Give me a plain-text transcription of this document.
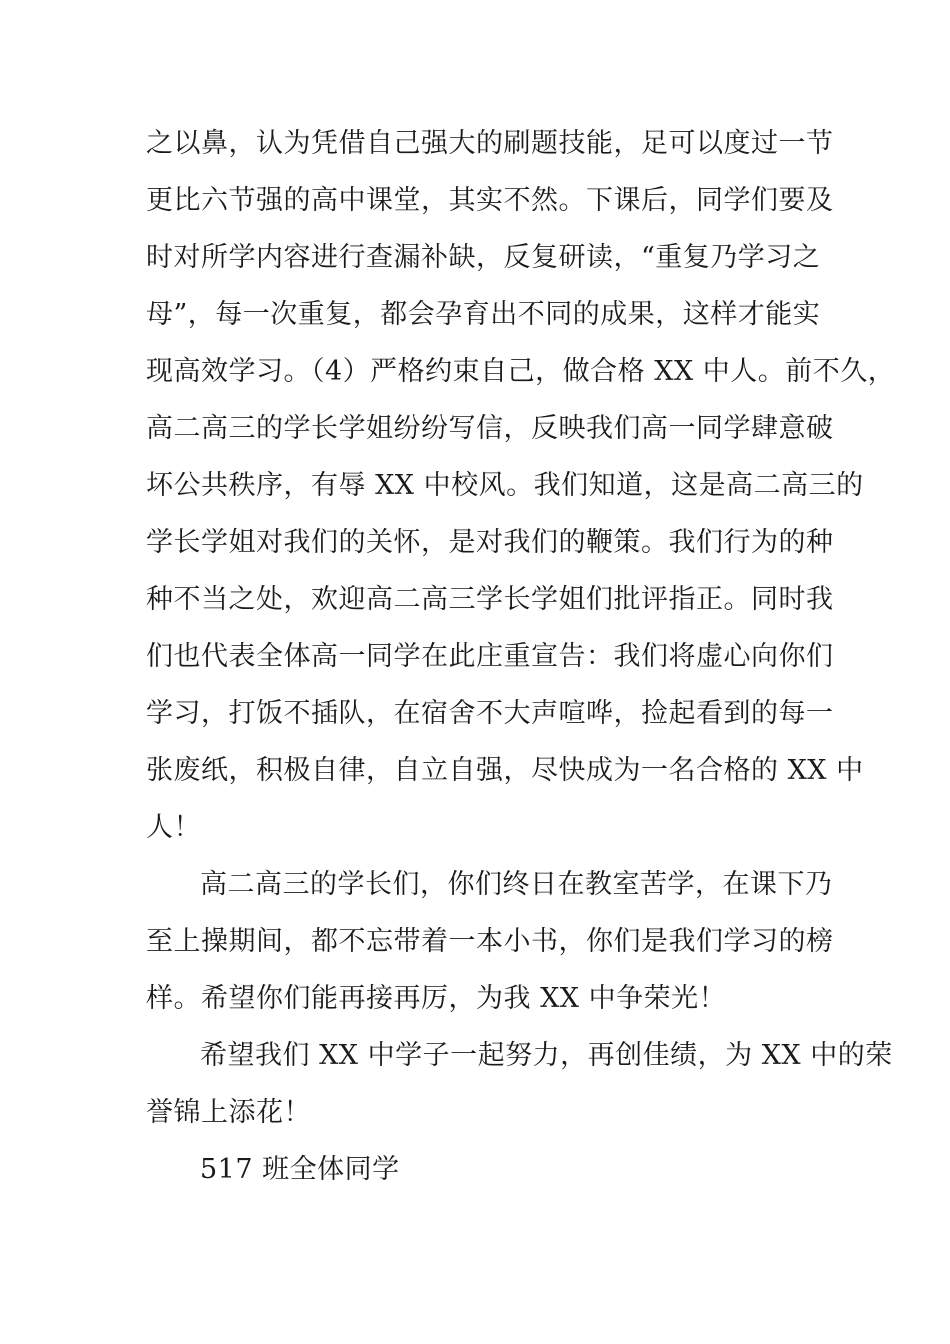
之以鼻，认为凭借自己强大的刷题技能，足可以度过一节
更比六节强的高中课堂，其实不然。下课后，同学们要及
时对所学内容进行查漏补缺，反复研读，“重复乃学习之
母”，每一次重复，都会孕育出不同的成果，这样才能实
现高效学习。（4）严格约束自己，做合格 XX 中人。前不久，
高二高三的学长学姐纷纷写信，反映我们高一同学肆意破
坏公共秩序，有辱 XX 中校风。我们知道，这是高二高三的
学长学姐对我们的关怀，是对我们的鞭策。我们行为的种
种不当之处，欢迎高二高三学长学姐们批评指正。同时我
们也代表全体高一同学在此庄重宣告：我们将虚心向你们
学习，打饭不插队，在宿舍不大声喧哗，捡起看到的每一
张废纸，积极自律，自立自强，尽快成为一名合格的 XX 中
人！
高二高三的学长们，你们终日在教室苦学，在课下乃
至上操期间，都不忘带着一本小书，你们是我们学习的榜
样。希望你们能再接再厉，为我 XX 中争荣光！
希望我们 XX 中学子一起努力，再创佳绩，为 XX 中的荣
誉锦上添花！
517 班全体同学
